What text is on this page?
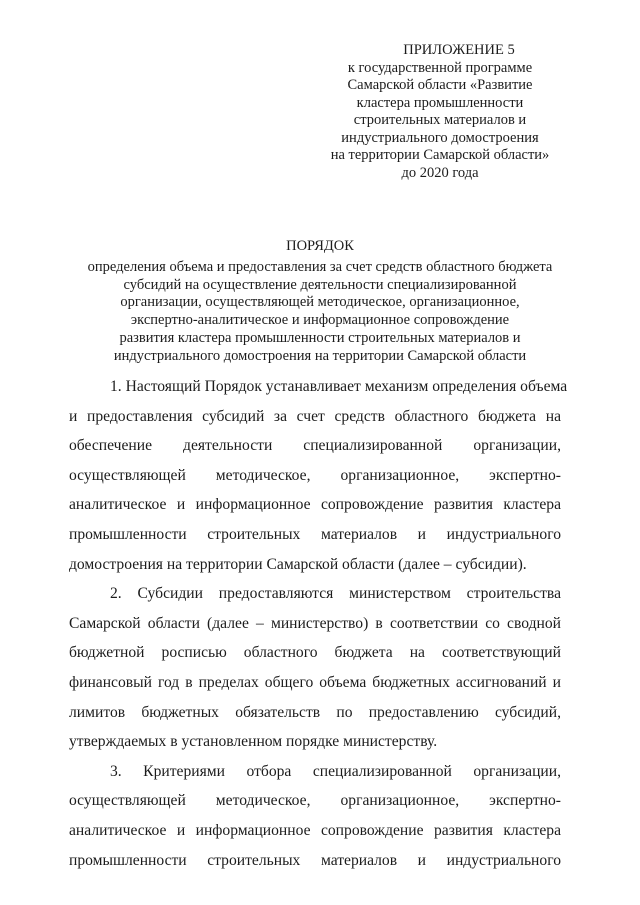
ПРИЛОЖЕНИЕ 5
к государственной программе
Самарской области «Развитие
кластера промышленности
строительных материалов и
индустриального домостроения
на территории Самарской области»
до 2020 года
ПОРЯДОК
определения объема и предоставления за счет средств областного бюджета
субсидий на осуществление деятельности специализированной
организации, осуществляющей методическое, организационное,
экспертно-аналитическое и информационное сопровождение
развития кластера промышленности строительных материалов и
индустриального домостроения на территории Самарской области
1. Настоящий Порядок устанавливает механизм определения объема
и предоставления субсидий за счет средств областного бюджета на
обеспечение деятельности специализированной организации,
осуществляющей методическое, организационное, экспертно-
аналитическое и информационное сопровождение развития кластера
промышленности строительных материалов и индустриального
домостроения на территории Самарской области (далее – субсидии).
2. Субсидии предоставляются министерством строительства
Самарской области (далее – министерство) в соответствии со сводной
бюджетной росписью областного бюджета на соответствующий
финансовый год в пределах общего объема бюджетных ассигнований и
лимитов бюджетных обязательств по предоставлению субсидий,
утверждаемых в установленном порядке министерству.
3. Критериями отбора специализированной организации,
осуществляющей методическое, организационное, экспертно-
аналитическое и информационное сопровождение развития кластера
промышленности строительных материалов и индустриального
